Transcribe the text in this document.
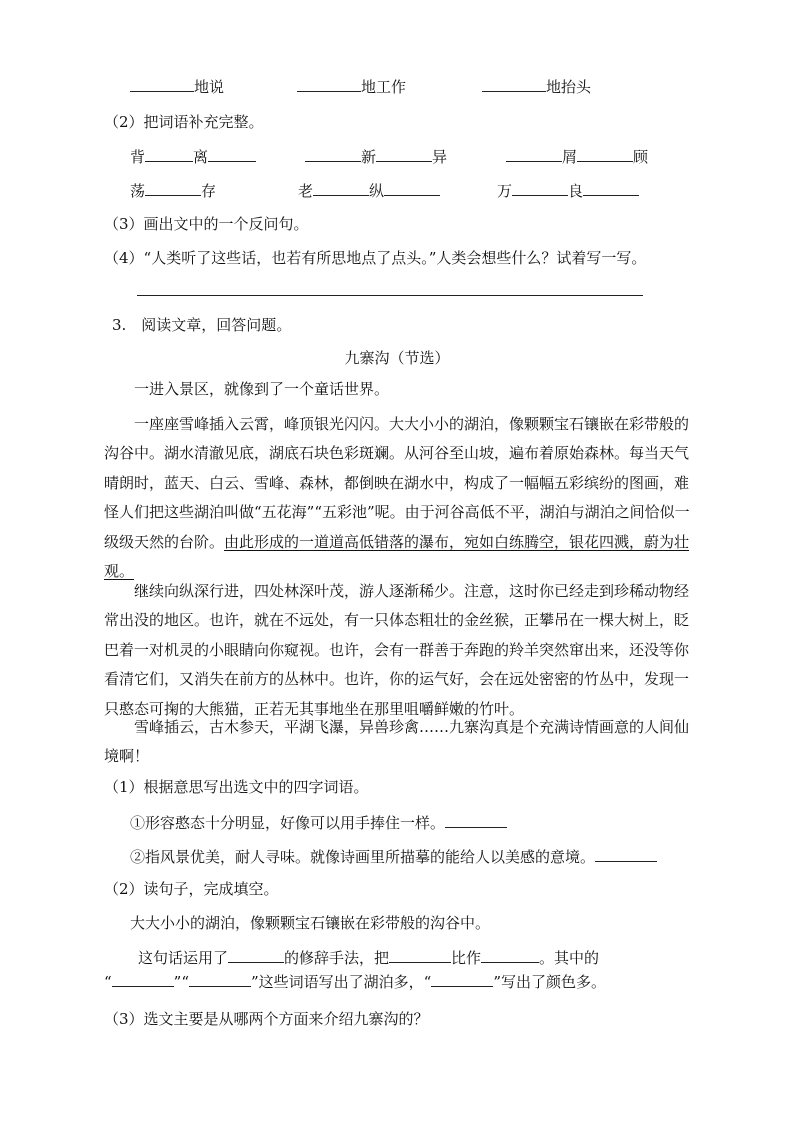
地说	地工作	地抬头
（2）把词语补充完整。
背	离	新	异	屑	顾
荡	存	老	纵	万	良
（3）画出文中的一个反问句。
（4）“人类听了这些话，也若有所思地点了点头。”人类会想些什么？试着写一写。
3.　阅读文章，回答问题。
九寨沟（节选）
一进入景区，就像到了一个童话世界。
一座座雪峰插入云霄，峰顶银光闪闪。大大小小的湖泊，像颗颗宝石镶嵌在彩带般的沟谷中。湖水清澈见底，湖底石块色彩斑斓。从河谷至山坡，遍布着原始森林。每当天气晴朗时，蓝天、白云、雪峰、森林，都倒映在湖水中，构成了一幅幅五彩缤纷的图画，难怪人们把这些湖泊叫做“五花海”“五彩池”呢。由于河谷高低不平，湖泊与湖泊之间恰似一级级天然的台阶。由此形成的一道道高低错落的瀑布，宛如白练腾空，银花四溅，蔚为壮观。
继续向纵深行进，四处林深叶茂，游人逐渐稀少。注意，这时你已经走到珍稀动物经常出没的地区。也许，就在不远处，有一只体态粗壮的金丝猴，正攀吊在一棵大树上，眨巴着一对机灵的小眼睛向你窥视。也许，会有一群善于奔跑的羚羊突然窜出来，还没等你看清它们，又消失在前方的丛林中。也许，你的运气好，会在远处密密的竹丛中，发现一只憨态可掬的大熊猫，正若无其事地坐在那里咀嚼鲜嫩的竹叶。
雪峰插云，古木参天，平湖飞瀑，异兽珍禽……九寨沟真是个充满诗情画意的人间仙境啊！
（1）根据意思写出选文中的四字词语。
①形容憨态十分明显，好像可以用手捧住一样。
②指风景优美，耐人寻味。就像诗画里所描摹的能给人以美感的意境。
（2）读句子，完成填空。
大大小小的湖泊，像颗颗宝石镶嵌在彩带般的沟谷中。
这句话运用了	的修辞手法，把	比作	。其中的
“	”“	”这些词语写出了湖泊多，“	”写出了颜色多。
（3）选文主要是从哪两个方面来介绍九寨沟的？
